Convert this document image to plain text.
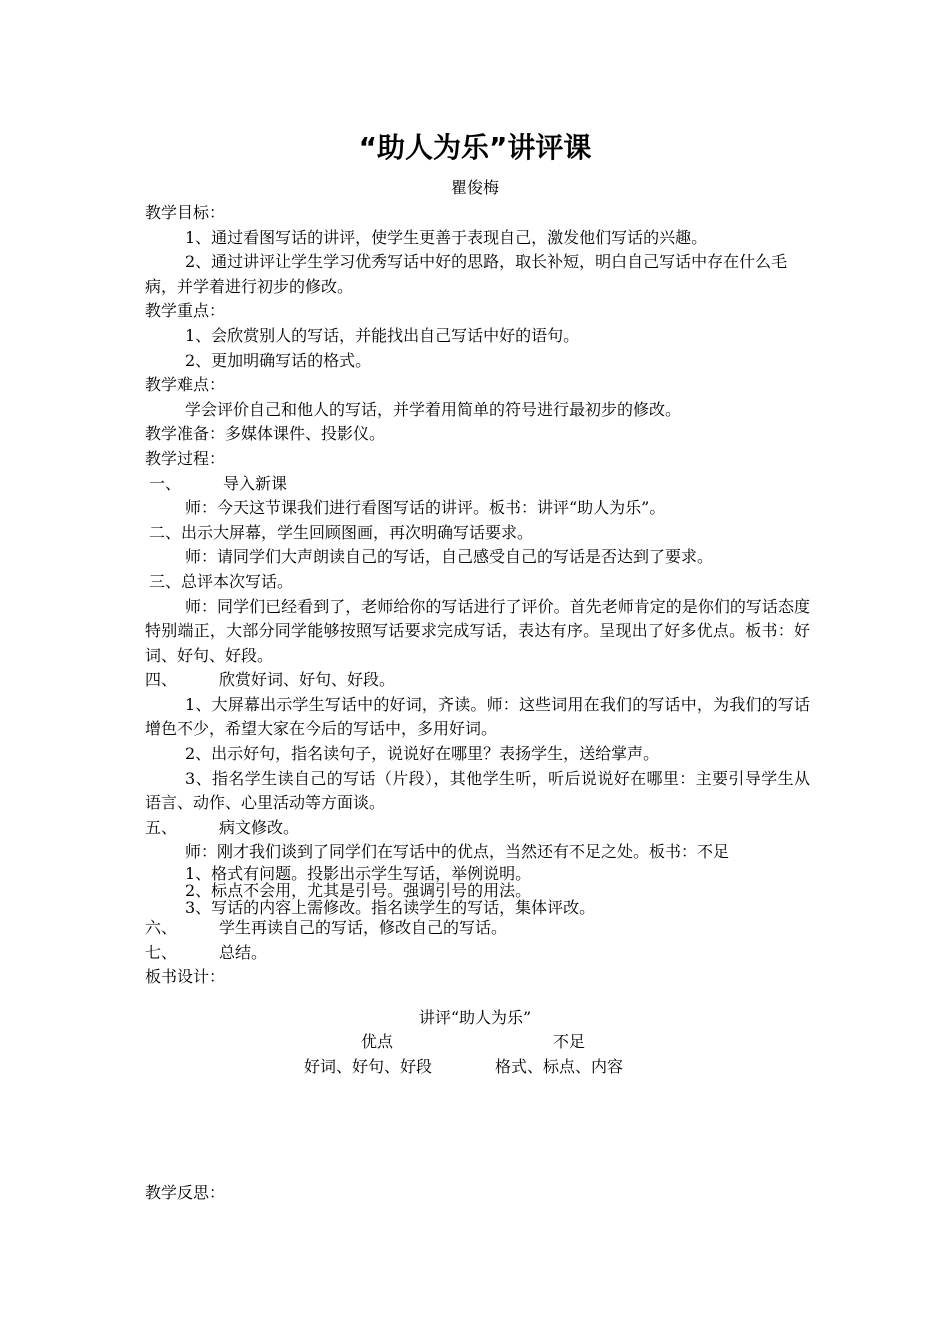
“助人为乐”讲评课
瞿俊梅

教学目标：

1、通过看图写话的讲评，使学生更善于表现自己，激发他们写话的兴趣。

2、通过讲评让学生学习优秀写话中好的思路，取长补短，明白自己写话中存在什么毛病，并学着进行初步的修改。

教学重点：

1、会欣赏别人的写话，并能找出自己写话中好的语句。

2、更加明确写话的格式。

教学难点：

学会评价自己和他人的写话，并学着用简单的符号进行最初步的修改。

教学准备：多媒体课件、投影仪。

教学过程：

一、	导入新课

师：今天这节课我们进行看图写话的讲评。板书：讲评“助人为乐”。

二、出示大屏幕，学生回顾图画，再次明确写话要求。

师：请同学们大声朗读自己的写话，自己感受自己的写话是否达到了要求。

三、总评本次写话。

师：同学们已经看到了，老师给你的写话进行了评价。首先老师肯定的是你们的写话态度特别端正，大部分同学能够按照写话要求完成写话，表达有序。呈现出了好多优点。板书：好词、好句、好段。

四、	欣赏好词、好句、好段。

1、大屏幕出示学生写话中的好词，齐读。师：这些词用在我们的写话中，为我们的写话增色不少，希望大家在今后的写话中，多用好词。

2、出示好句，指名读句子，说说好在哪里？表扬学生，送给掌声。

3、指名学生读自己的写话（片段），其他学生听，听后说说好在哪里：主要引导学生从语言、动作、心里活动等方面谈。

五、	病文修改。

师：刚才我们谈到了同学们在写话中的优点，当然还有不足之处。板书：不足

1、格式有问题。投影出示学生写话，举例说明。

2、标点不会用，尤其是引号。强调引号的用法。

3、写话的内容上需修改。指名读学生的写话，集体评改。

六、	学生再读自己的写话，修改自己的写话。

七、	总结。

板书设计：

讲评“助人为乐”
优点	不足
好词、好句、好段	格式、标点、内容
教学反思：
